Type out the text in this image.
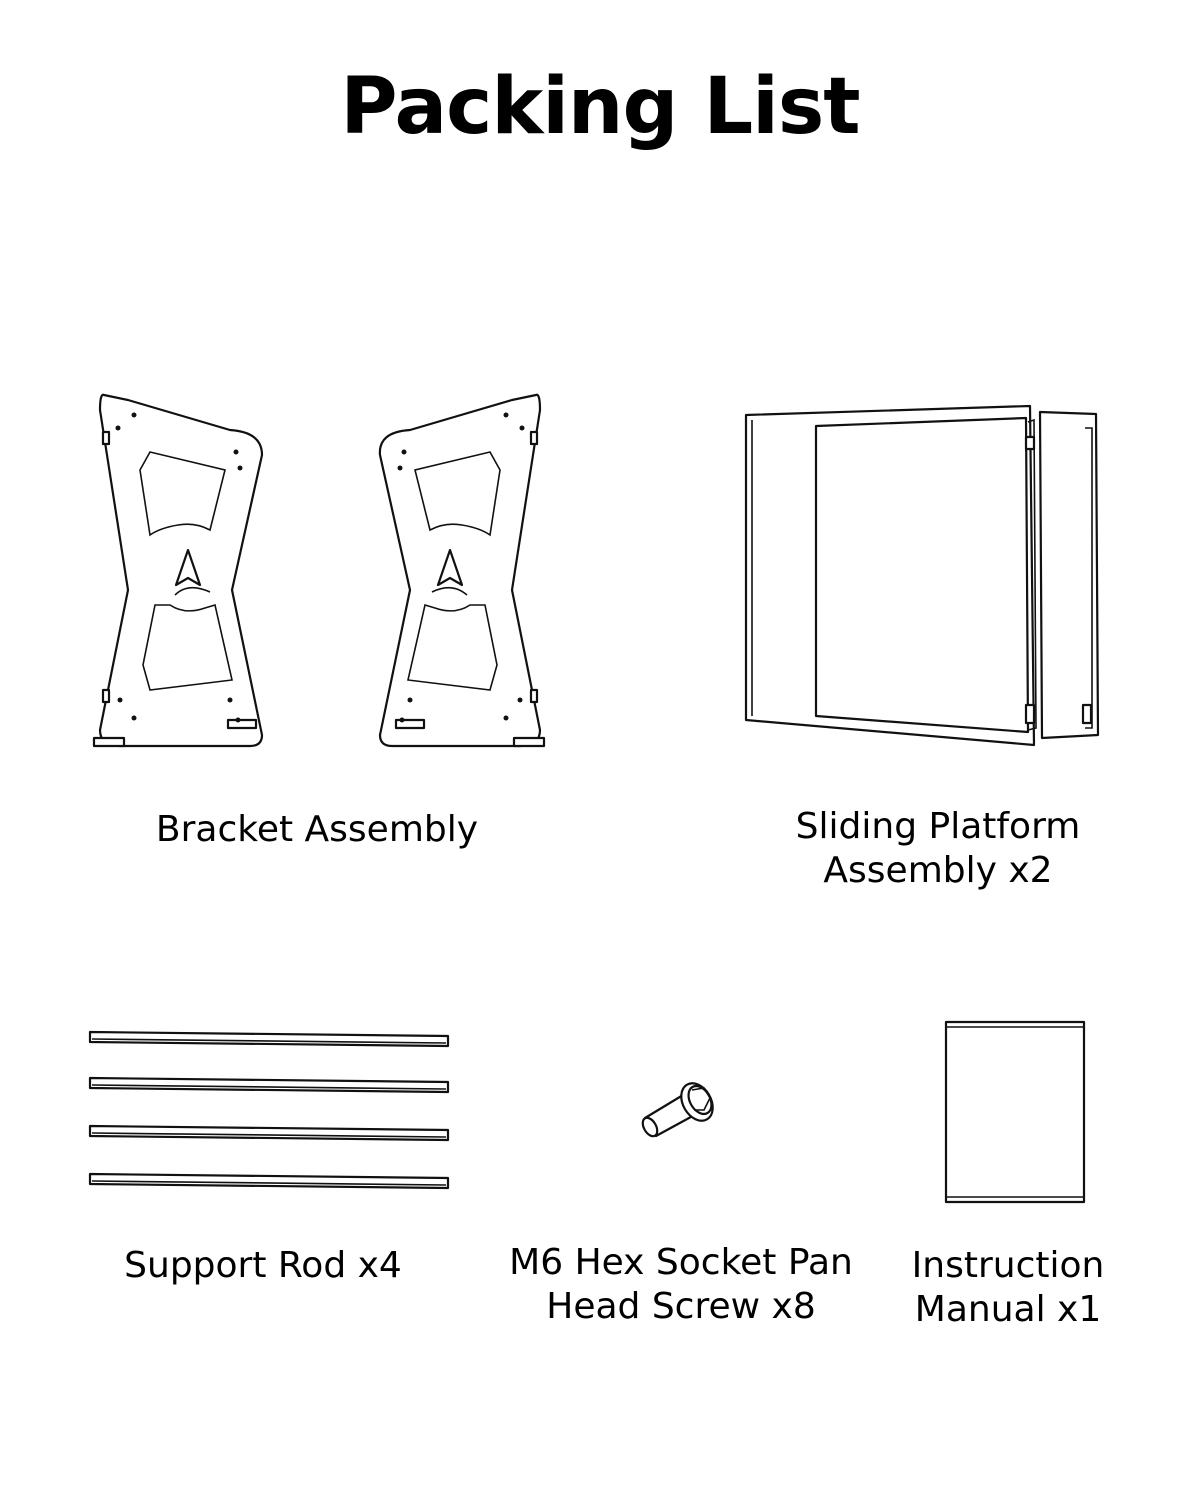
Packing List
Bracket Assembly	Sliding Platform
Assembly x2
Support Rod x4	M6 Hex Socket Pan
Head Screw x8
Instruction
Manual x1
